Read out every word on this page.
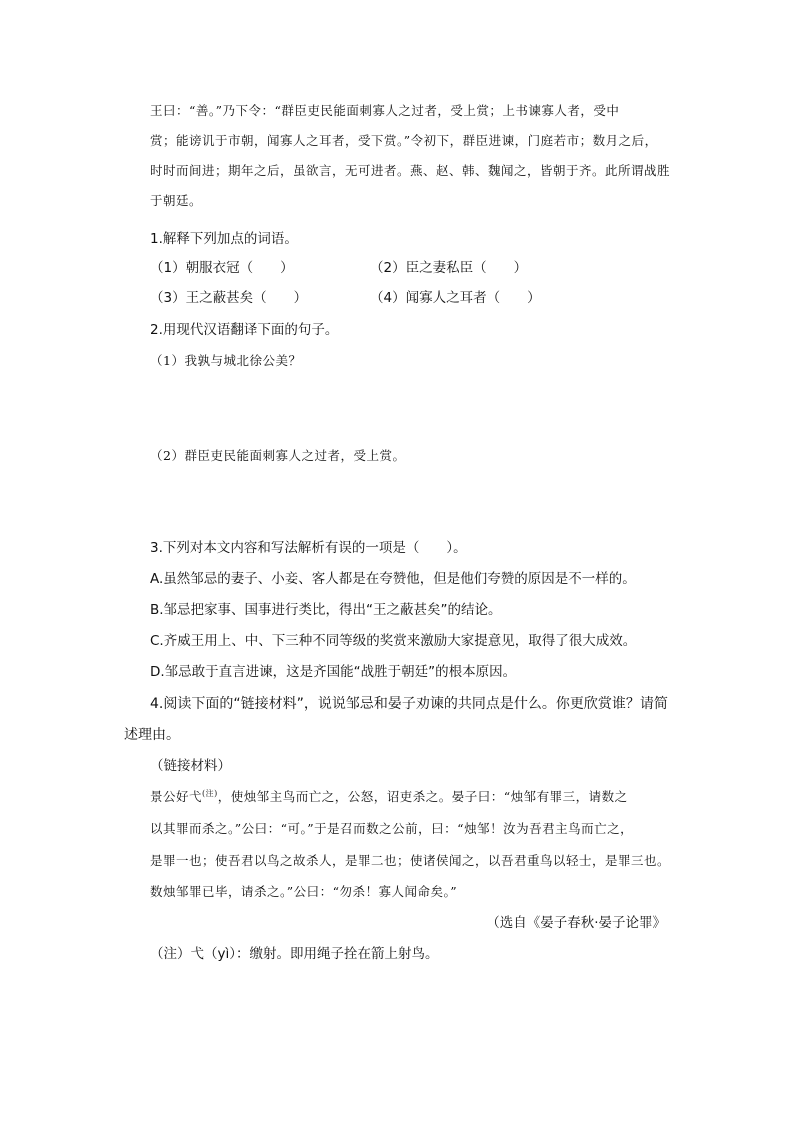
王曰：“善。”乃下令：“群臣吏民能面刺寡人之过者，受上赏；上书谏寡人者，受中

赏；能谤讥于市朝，闻寡人之耳者，受下赏。”令初下，群臣进谏，门庭若市；数月之后，

时时而间进；期年之后，虽欲言，无可进者。燕、赵、韩、魏闻之，皆朝于齐。此所谓战胜

于朝廷。

1.解释下列加点的词语。

（1）朝服衣冠（　　）	（2）臣之妻私臣（　　）
（3）王之蔽甚矣（　　）	（4）闻寡人之耳者（　　）

2.用现代汉语翻译下面的句子。

（1）我孰与城北徐公美？

（2）群臣吏民能面刺寡人之过者，受上赏。

3.下列对本文内容和写法解析有误的一项是（　　）。

A.虽然邹忌的妻子、小妾、客人都是在夸赞他，但是他们夸赞的原因是不一样的。

B.邹忌把家事、国事进行类比，得出“王之蔽甚矣”的结论。

C.齐威王用上、中、下三种不同等级的奖赏来激励大家提意见，取得了很大成效。

D.邹忌敢于直言进谏，这是齐国能“战胜于朝廷”的根本原因。

4.阅读下面的“链接材料”，说说邹忌和晏子劝谏的共同点是什么。你更欣赏谁？请简

述理由。

（链接材料）

景公好弋$^{(注)}$，使烛邹主鸟而亡之，公怒，诏吏杀之。晏子曰：“烛邹有罪三，请数之

以其罪而杀之。”公曰：“可。”于是召而数之公前，曰：“烛邹！汝为吾君主鸟而亡之，

是罪一也；使吾君以鸟之故杀人，是罪二也；使诸侯闻之，以吾君重鸟以轻士，是罪三也。

数烛邹罪已毕，请杀之。”公曰：“勿杀！寡人闻命矣。”

（选自《晏子春秋·晏子论罪》

（注）弋（yì）：缴射。即用绳子拴在箭上射鸟。
